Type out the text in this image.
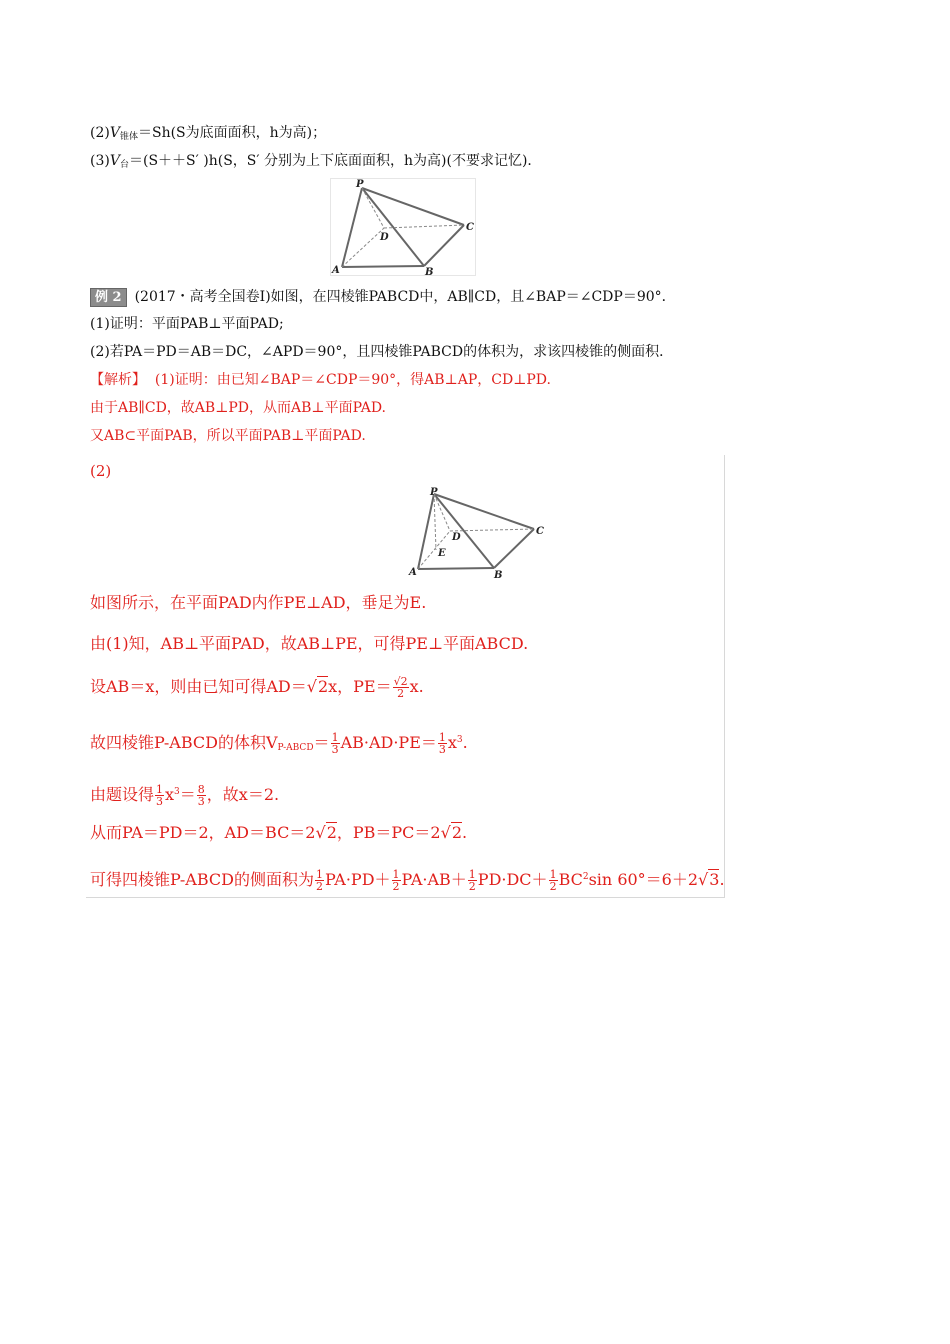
$(2)V_{锥体}=Sh(S$为底面面积，h为高)；
$(3)V_台=(S++S'$ )h(S，S′ 分别为上下底面面积，h为高)(不要求记忆)．
P
D
C
A	B
例 2 (2017・高考全国卷Ⅰ)如图，在四棱锥PABCD中，AB∥CD，且∠BAP＝∠CDP＝90°．
(1)证明：平面PAB⊥平面PAD;
(2)若PA＝PD＝AB＝DC，∠APD＝90°，且四棱锥PABCD的体积为，求该四棱锥的侧面积．
【解析】 (1)证明：由已知∠BAP＝∠CDP＝90°，得AB⊥AP，CD⊥PD.
由于AB∥CD，故AB⊥PD，从而AB⊥平面PAD.
又AB⊂平面PAB，所以平面PAB⊥平面PAD.
(2)
P
D
C
E
A	B
如图所示，在平面PAD内作PE⊥AD，垂足为E.
由(1)知，AB⊥平面PAD，故AB⊥PE，可得PE⊥平面ABCD.
设AB＝x，则由已知可得AD＝√2x，$PE= \frac{√2}{2} x$.
故四棱锥P-ABCD的体积$V_{P-ABCD}= \frac{1}{3} AB\cdot AD\cdot PE= \frac{1}{3} x^3$.
由题设得 $\frac{1}{3} x^3= \frac{8}{3}$ ，故x＝2.
从而PA＝PD＝2，AD＝BC＝2√2，PB＝PC＝2√2.
可得四棱锥P-ABCD的侧面积为 $\frac{1}{2} PA\cdot PD+ \frac{1}{2} PA\cdot AB+ \frac{1}{2} PD\cdot DC+ \frac{1}{2} BC^2\sin$ 60°＝6＋2√3.
